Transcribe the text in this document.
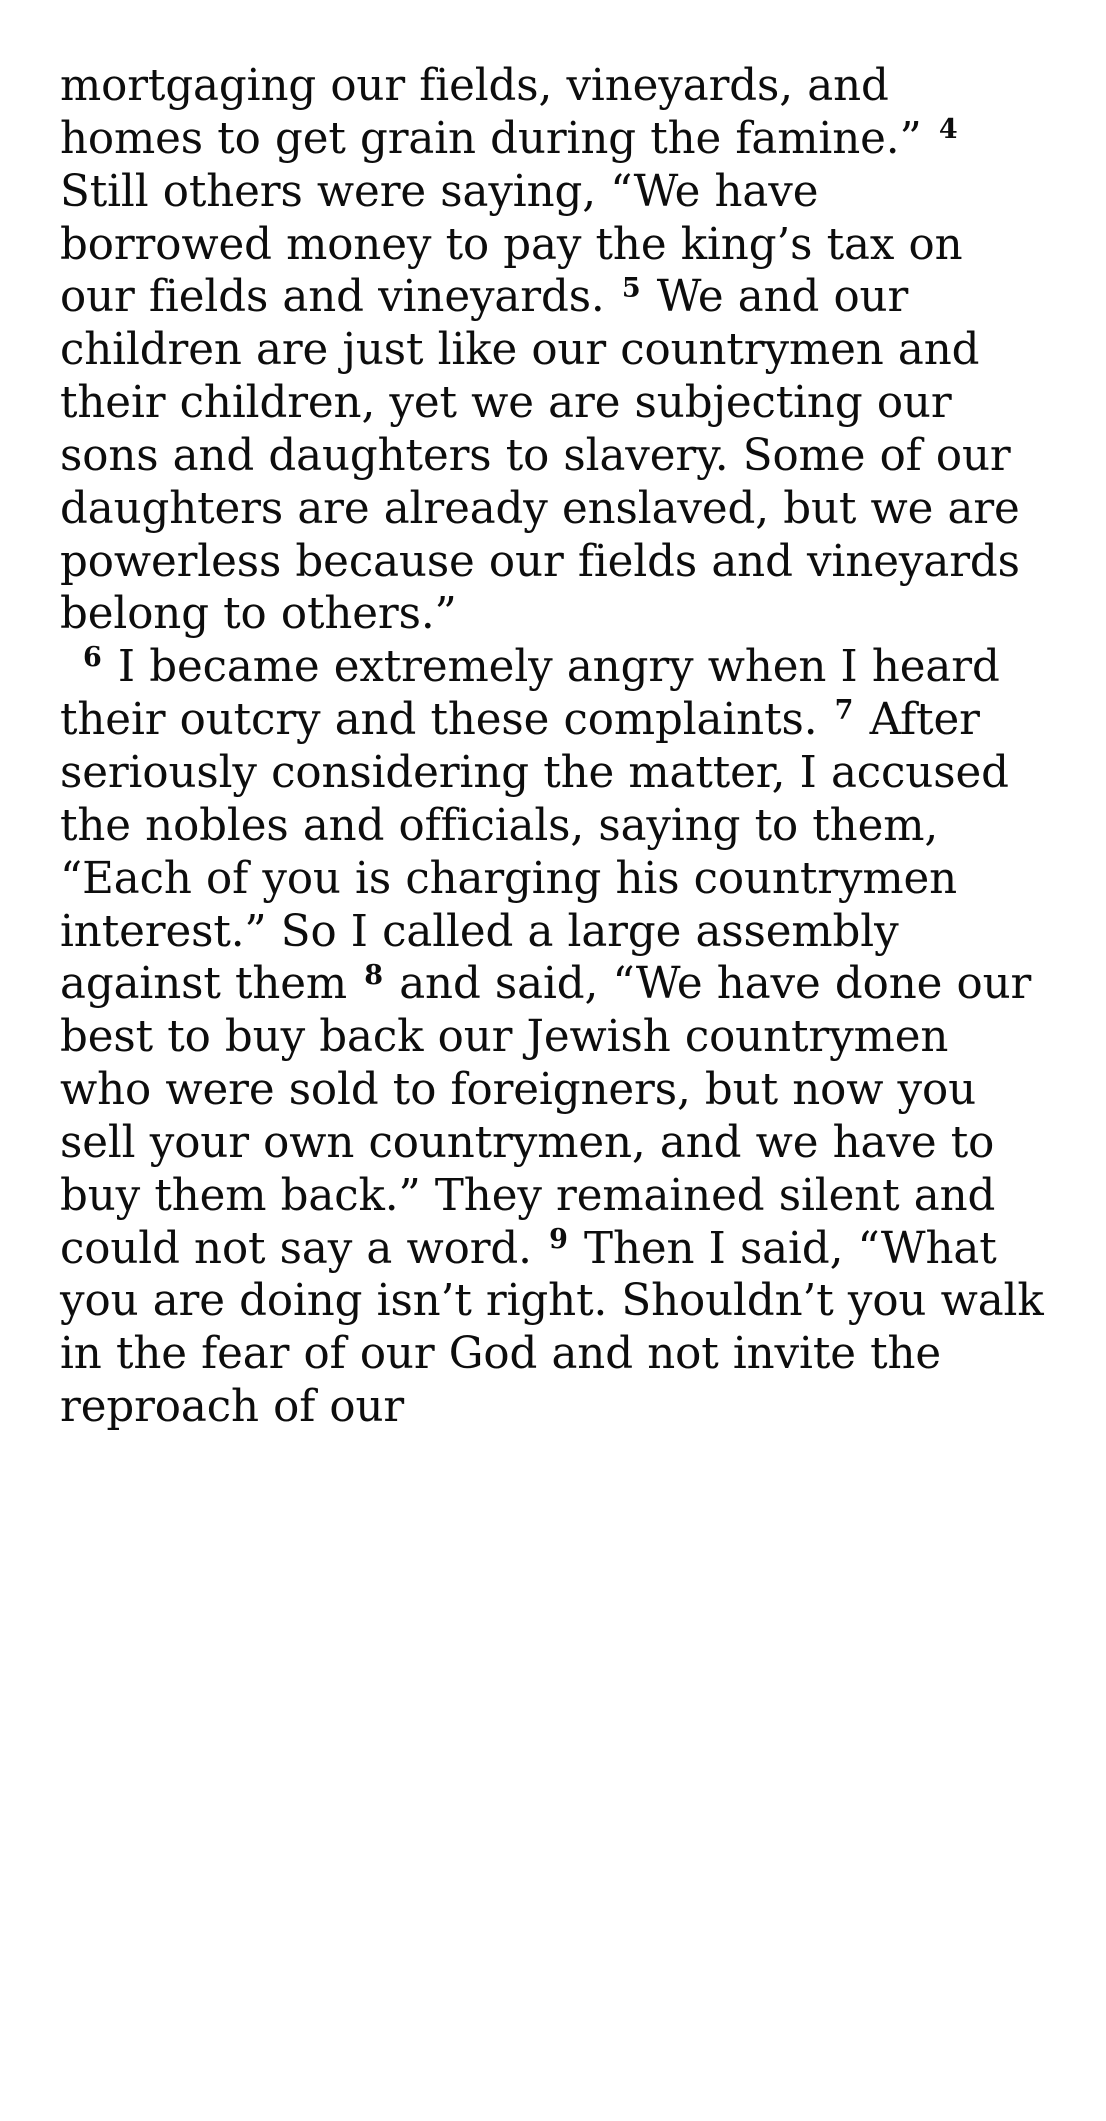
mortgaging our fields, vineyards, and homes to get grain during the famine.” $^4$ Still others were saying, “We have borrowed money to pay the king’s tax on our fields and vineyards. $^5$ We and our children are just like our countrymen and their children, yet we are subjecting our sons and daughters to slavery. Some of our daughters are already enslaved, but we are powerless because our fields and vineyards belong to others.”

$^6$ I became extremely angry when I heard their outcry and these complaints. $^7$ After seriously considering the matter, I accused the nobles and officials, saying to them, “Each of you is charging his countrymen interest.” So I called a large assembly against them $^8$ and said, “We have done our best to buy back our Jewish countrymen who were sold to foreigners, but now you sell your own countrymen, and we have to buy them back.” They remained silent and could not say a word. $^9$ Then I said, “What you are doing isn’t right. Shouldn’t you walk in the fear of our God and not invite the reproach of our
